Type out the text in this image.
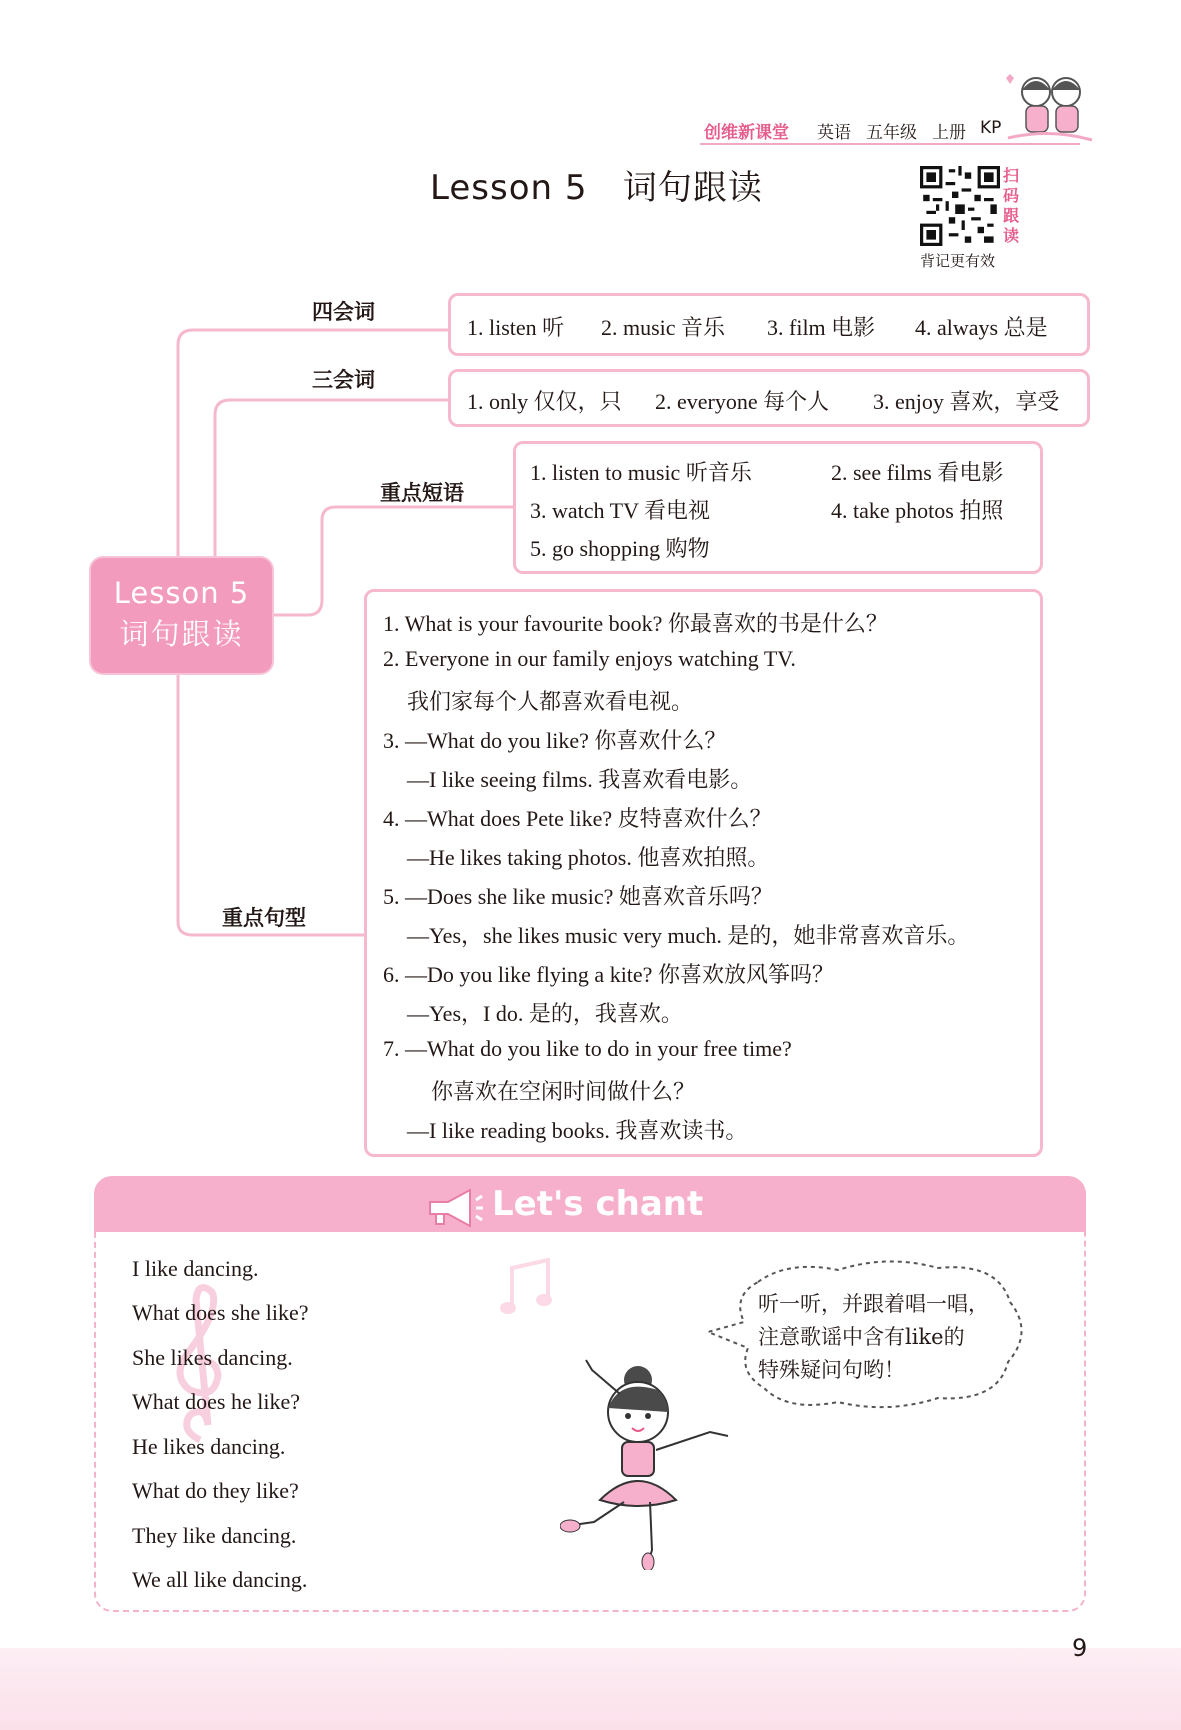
创维新课堂 英语 五年级 上册 KP
Lesson 5   词句跟读	扫
码
跟
读
背记更有效
四会词
三会词
重点短语
重点句型
Lesson 5
词句跟读
1. listen 听 2. music 音乐 3. film 电影 4. always 总是
1. only 仅仅，只 2. everyone 每个人 3. enjoy 喜欢，享受
1. listen to music 听音乐	2. see films 看电影
3. watch TV 看电视	4. take photos 拍照
5. go shopping 购物
1. What is your favourite book? 你最喜欢的书是什么？
2. Everyone in our family enjoys watching TV.
我们家每个人都喜欢看电视。
3. —What do you like? 你喜欢什么？
—I like seeing films. 我喜欢看电影。
4. —What does Pete like? 皮特喜欢什么？
—He likes taking photos. 他喜欢拍照。
5. —Does she like music? 她喜欢音乐吗？
—Yes，she likes music very much. 是的，她非常喜欢音乐。
6. —Do you like flying a kite? 你喜欢放风筝吗？
—Yes，I do. 是的，我喜欢。
7. —What do you like to do in your free time?
你喜欢在空闲时间做什么？
—I like reading books. 我喜欢读书。
Let's chant
I like dancing.
What does she like?
She likes dancing.
What does he like?
He likes dancing.
What do they like?
They like dancing.
We all like dancing.
听一听，并跟着唱一唱，
注意歌谣中含有like的
特殊疑问句哟！
9
